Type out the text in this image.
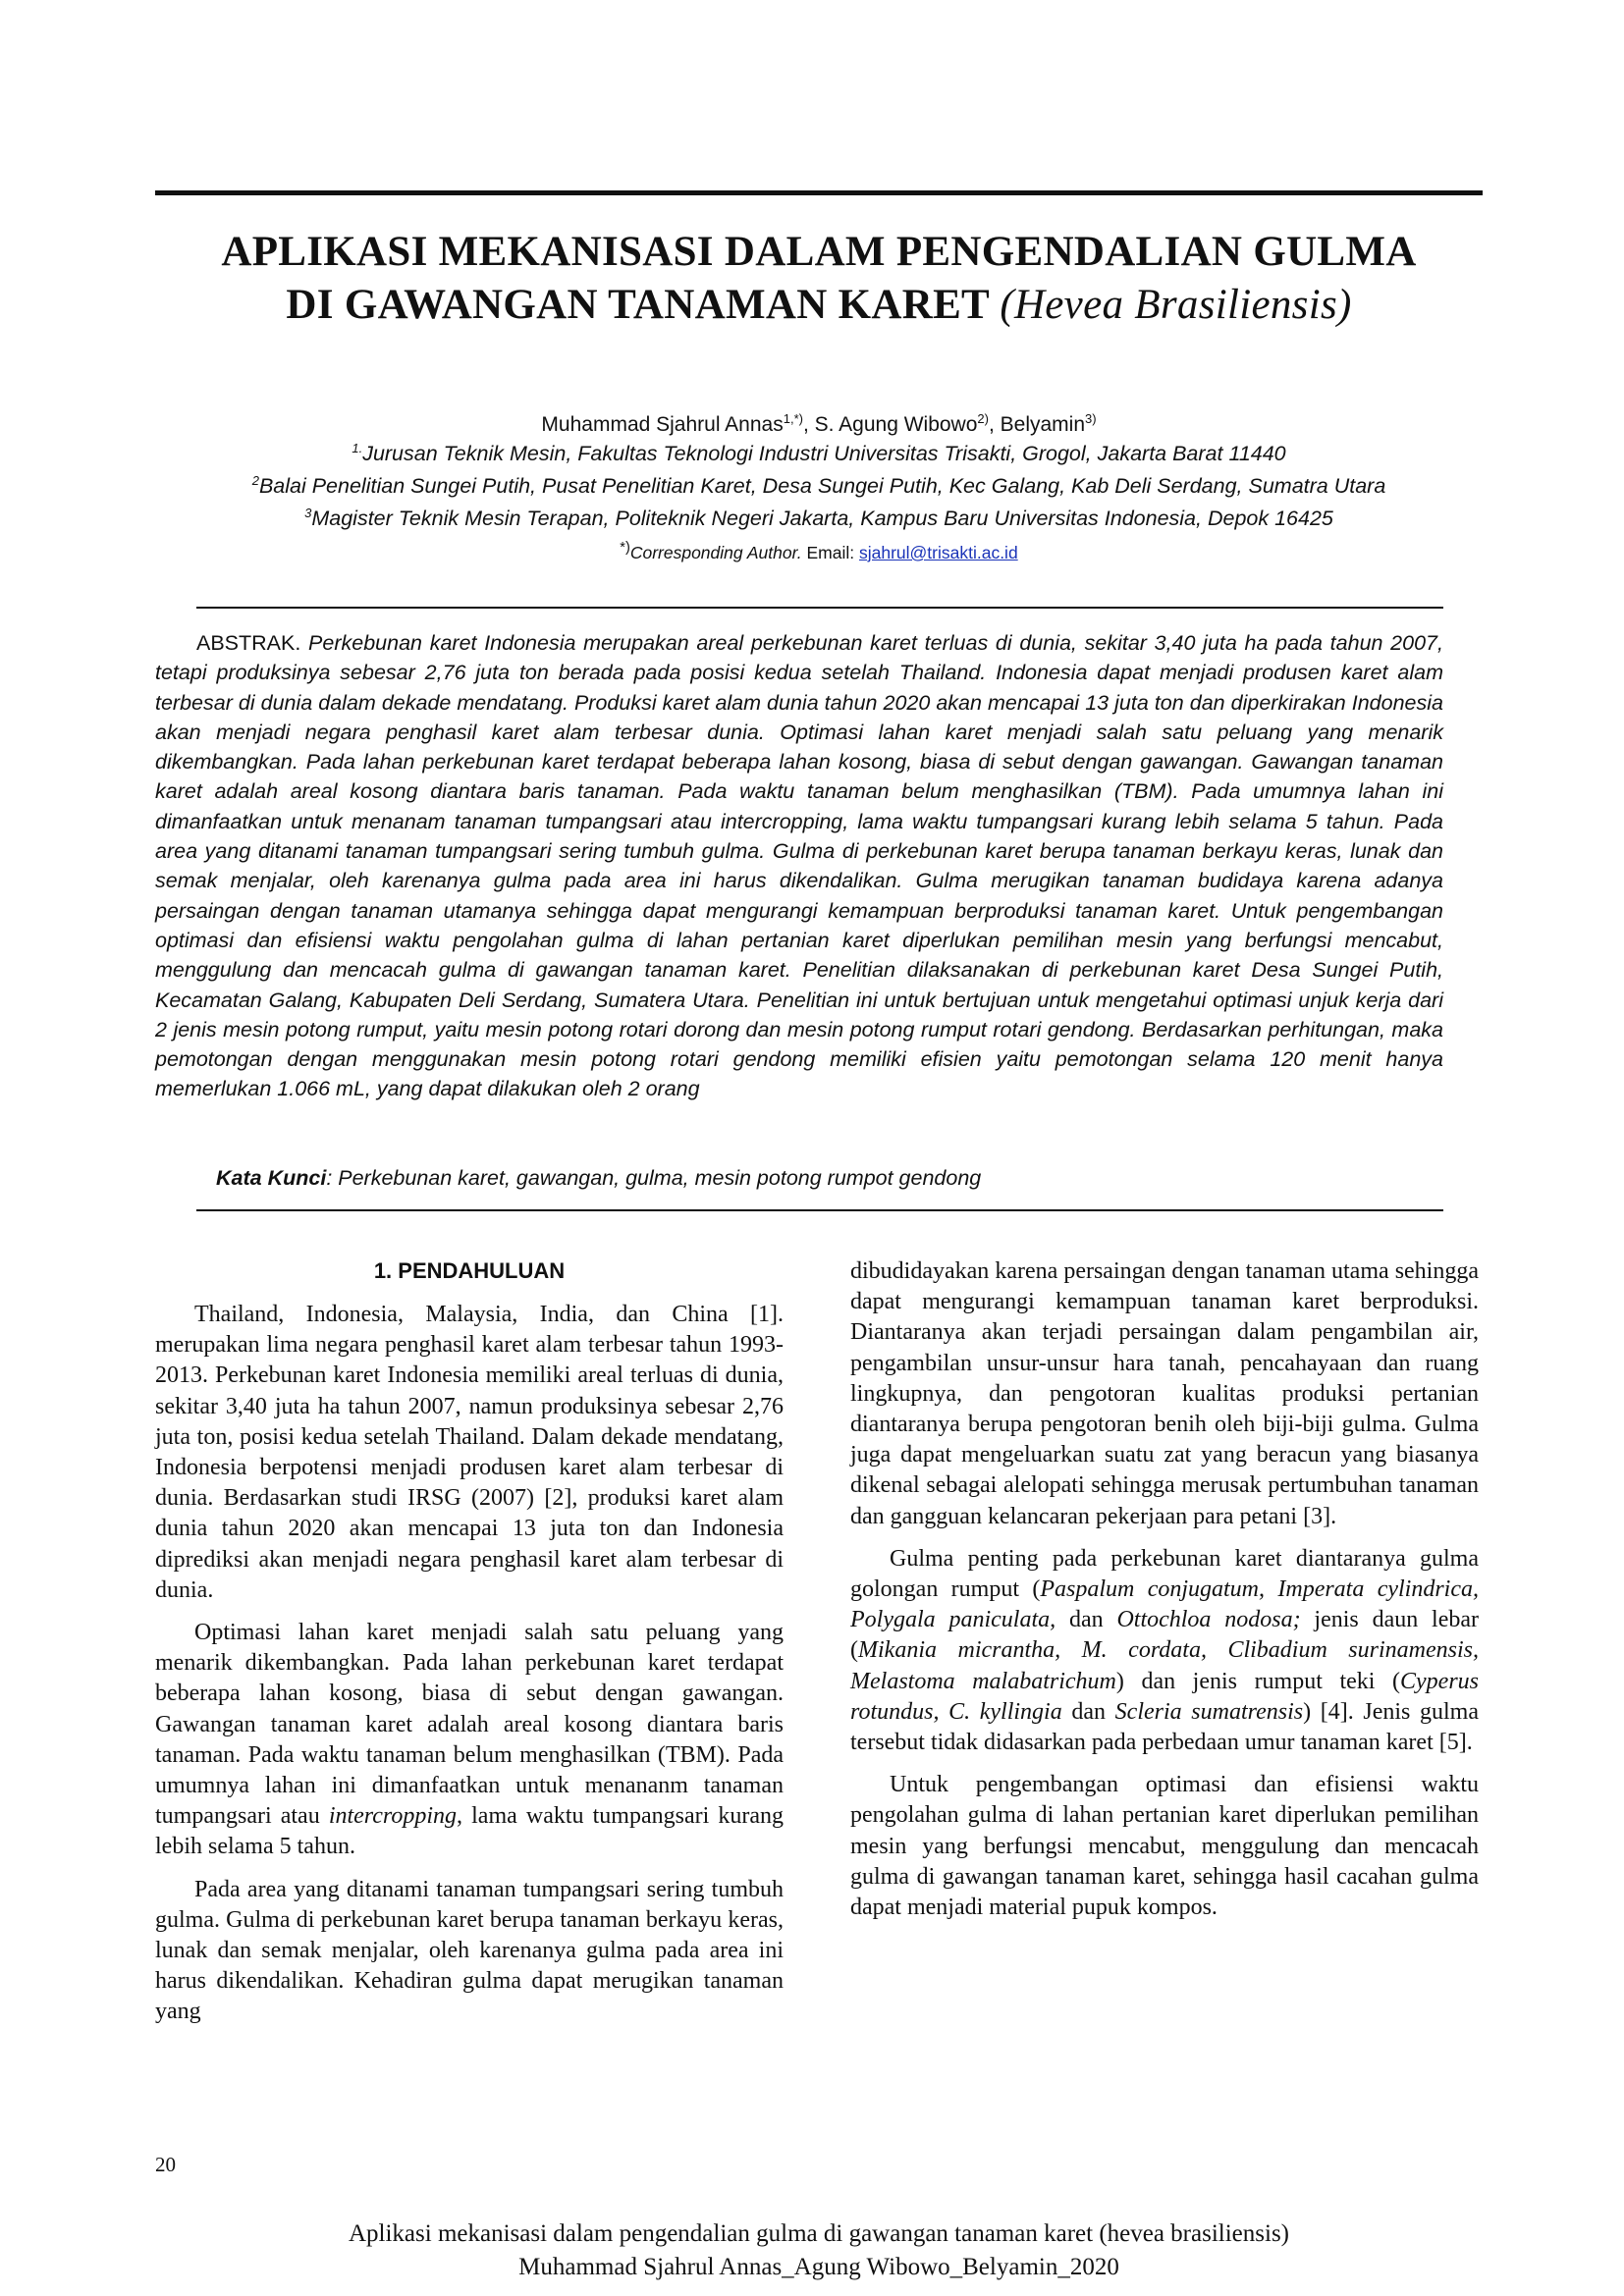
APLIKASI MEKANISASI DALAM PENGENDALIAN GULMA
DI GAWANGAN TANAMAN KARET (Hevea Brasiliensis)
Muhammad Sjahrul Annas$^{1,*)}$, S. Agung Wibowo$^{2)}$, Belyamin$^{3)}$
$^{1.}$Jurusan Teknik Mesin, Fakultas Teknologi Industri Universitas Trisakti, Grogol, Jakarta Barat 11440
$^2$Balai Penelitian Sungei Putih, Pusat Penelitian Karet, Desa Sungei Putih, Kec Galang, Kab Deli Serdang, Sumatra Utara
$^3$Magister Teknik Mesin Terapan, Politeknik Negeri Jakarta, Kampus Baru Universitas Indonesia, Depok 16425
*)Corresponding Author. Email: sjahrul@trisakti.ac.id
ABSTRAK. Perkebunan karet Indonesia merupakan areal perkebunan karet terluas di dunia, sekitar 3,40 juta ha pada tahun 2007, tetapi produksinya sebesar 2,76 juta ton berada pada posisi kedua setelah Thailand. Indonesia dapat menjadi produsen karet alam terbesar di dunia dalam dekade mendatang. Produksi karet alam dunia tahun 2020 akan mencapai 13 juta ton dan diperkirakan Indonesia akan menjadi negara penghasil karet alam terbesar dunia. Optimasi lahan karet menjadi salah satu peluang yang menarik dikembangkan. Pada lahan perkebunan karet terdapat beberapa lahan kosong, biasa di sebut dengan gawangan. Gawangan tanaman karet adalah areal kosong diantara baris tanaman. Pada waktu tanaman belum menghasilkan (TBM). Pada umumnya lahan ini dimanfaatkan untuk menanam tanaman tumpangsari atau intercropping, lama waktu tumpangsari kurang lebih selama 5 tahun. Pada area yang ditanami tanaman tumpangsari sering tumbuh gulma. Gulma di perkebunan karet berupa tanaman berkayu keras, lunak dan semak menjalar, oleh karenanya gulma pada area ini harus dikendalikan. Gulma merugikan tanaman budidaya karena adanya persaingan dengan tanaman utamanya sehingga dapat mengurangi kemampuan berproduksi tanaman karet. Untuk pengembangan optimasi dan efisiensi waktu pengolahan gulma di lahan pertanian karet diperlukan pemilihan mesin yang berfungsi mencabut, menggulung dan mencacah gulma di gawangan tanaman karet. Penelitian dilaksanakan di perkebunan karet Desa Sungei Putih, Kecamatan Galang, Kabupaten Deli Serdang, Sumatera Utara. Penelitian ini untuk bertujuan untuk mengetahui optimasi unjuk kerja dari 2 jenis mesin potong rumput, yaitu mesin potong rotari dorong dan mesin potong rumput rotari gendong. Berdasarkan perhitungan, maka pemotongan dengan menggunakan mesin potong rotari gendong memiliki efisien yaitu pemotongan selama 120 menit hanya memerlukan 1.066 mL, yang dapat dilakukan oleh 2 orang
Kata Kunci: Perkebunan karet, gawangan, gulma, mesin potong rumpot gendong
1. PENDAHULUAN

Thailand, Indonesia, Malaysia, India, dan China [1]. merupakan lima negara penghasil karet alam terbesar tahun 1993-2013. Perkebunan karet Indonesia memiliki areal terluas di dunia, sekitar 3,40 juta ha tahun 2007, namun produksinya sebesar 2,76 juta ton, posisi kedua setelah Thailand. Dalam dekade mendatang, Indonesia berpotensi menjadi produsen karet alam terbesar di dunia. Berdasarkan studi IRSG (2007) [2], produksi karet alam dunia tahun 2020 akan mencapai 13 juta ton dan Indonesia diprediksi akan menjadi negara penghasil karet alam terbesar di dunia.

Optimasi lahan karet menjadi salah satu peluang yang menarik dikembangkan. Pada lahan perkebunan karet terdapat beberapa lahan kosong, biasa di sebut dengan gawangan. Gawangan tanaman karet adalah areal kosong diantara baris tanaman. Pada waktu tanaman belum menghasilkan (TBM). Pada umumnya lahan ini dimanfaatkan untuk menananm tanaman tumpangsari atau intercropping, lama waktu tumpangsari kurang lebih selama 5 tahun.

Pada area yang ditanami tanaman tumpangsari sering tumbuh gulma. Gulma di perkebunan karet berupa tanaman berkayu keras, lunak dan semak menjalar, oleh karenanya gulma pada area ini harus dikendalikan. Kehadiran gulma dapat merugikan tanaman yang

dibudidayakan karena persaingan dengan tanaman utama sehingga dapat mengurangi kemampuan tanaman karet berproduksi. Diantaranya akan terjadi persaingan dalam pengambilan air, pengambilan unsur-unsur hara tanah, pencahayaan dan ruang lingkupnya, dan pengotoran kualitas produksi pertanian diantaranya berupa pengotoran benih oleh biji-biji gulma. Gulma juga dapat mengeluarkan suatu zat yang beracun yang biasanya dikenal sebagai alelopati sehingga merusak pertumbuhan tanaman dan gangguan kelancaran pekerjaan para petani [3].

Gulma penting pada perkebunan karet diantaranya gulma golongan rumput (Paspalum conjugatum, Imperata cylindrica, Polygala paniculata, dan Ottochloa nodosa; jenis daun lebar (Mikania micrantha, M. cordata, Clibadium surinamensis, Melastoma malabatrichum) dan jenis rumput teki (Cyperus rotundus, C. kyllingia dan Scleria sumatrensis) [4]. Jenis gulma tersebut tidak didasarkan pada perbedaan umur tanaman karet [5].

Untuk pengembangan optimasi dan efisiensi waktu pengolahan gulma di lahan pertanian karet diperlukan pemilihan mesin yang berfungsi mencabut, menggulung dan mencacah gulma di gawangan tanaman karet, sehingga hasil cacahan gulma dapat menjadi material pupuk kompos.

20
Aplikasi mekanisasi dalam pengendalian gulma di gawangan tanaman karet (hevea brasiliensis)
Muhammad Sjahrul Annas_Agung Wibowo_Belyamin_2020
